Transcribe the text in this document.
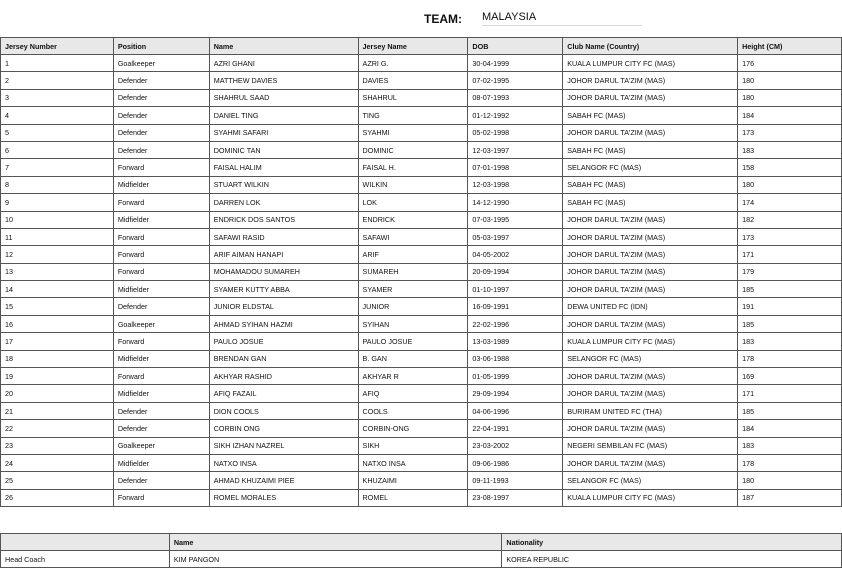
TEAM: MALAYSIA
Jersey Number	Position	Name	Jersey Name	DOB	Club Name (Country)	Height (CM)
1	Goalkeeper	AZRI GHANI	AZRI G.	30-04-1999	KUALA LUMPUR CITY FC (MAS)	176
2	Defender	MATTHEW DAVIES	DAVIES	07-02-1995	JOHOR DARUL TA'ZIM (MAS)	180
3	Defender	SHAHRUL SAAD	SHAHRUL	08-07-1993	JOHOR DARUL TA'ZIM (MAS)	180
4	Defender	DANIEL TING	TING	01-12-1992	SABAH FC (MAS)	184
5	Defender	SYAHMI SAFARI	SYAHMI	05-02-1998	JOHOR DARUL TA'ZIM (MAS)	173
6	Defender	DOMINIC TAN	DOMINIC	12-03-1997	SABAH FC (MAS)	183
7	Forward	FAISAL HALIM	FAISAL H.	07-01-1998	SELANGOR FC (MAS)	158
8	Midfielder	STUART WILKIN	WILKIN	12-03-1998	SABAH FC (MAS)	180
9	Forward	DARREN LOK	LOK	14-12-1990	SABAH FC (MAS)	174
10	Midfielder	ENDRICK DOS SANTOS	ENDRICK	07-03-1995	JOHOR DARUL TA'ZIM (MAS)	182
11	Forward	SAFAWI RASID	SAFAWI	05-03-1997	JOHOR DARUL TA'ZIM (MAS)	173
12	Forward	ARIF AIMAN HANAPI	ARIF	04-05-2002	JOHOR DARUL TA'ZIM (MAS)	171
13	Forward	MOHAMADOU SUMAREH	SUMAREH	20-09-1994	JOHOR DARUL TA'ZIM (MAS)	179
14	Midfielder	SYAMER KUTTY ABBA	SYAMER	01-10-1997	JOHOR DARUL TA'ZIM (MAS)	185
15	Defender	JUNIOR ELDSTAL	JUNIOR	16-09-1991	DEWA UNITED FC (IDN)	191
16	Goalkeeper	AHMAD SYIHAN HAZMI	SYIHAN	22-02-1996	JOHOR DARUL TA'ZIM (MAS)	185
17	Forward	PAULO JOSUE	PAULO JOSUE	13-03-1989	KUALA LUMPUR CITY FC (MAS)	183
18	Midfielder	BRENDAN GAN	B. GAN	03-06-1988	SELANGOR FC (MAS)	178
19	Forward	AKHYAR RASHID	AKHYAR R	01-05-1999	JOHOR DARUL TA'ZIM (MAS)	169
20	Midfielder	AFIQ FAZAIL	AFIQ	29-09-1994	JOHOR DARUL TA'ZIM (MAS)	171
21	Defender	DION COOLS	COOLS	04-06-1996	BURIRAM UNITED FC (THA)	185
22	Defender	CORBIN ONG	CORBIN-ONG	22-04-1991	JOHOR DARUL TA'ZIM (MAS)	184
23	Goalkeeper	SIKH IZHAN NAZREL	SIKH	23-03-2002	NEGERI SEMBILAN FC (MAS)	183
24	Midfielder	NATXO INSA	NATXO INSA	09-06-1986	JOHOR DARUL TA'ZIM (MAS)	178
25	Defender	AHMAD KHUZAIMI PIEE	KHUZAIMI	09-11-1993	SELANGOR FC (MAS)	180
26	Forward	ROMEL MORALES	ROMEL	23-08-1997	KUALA LUMPUR CITY FC (MAS)	187
	Name	Nationality
Head Coach	KIM PANGON	KOREA REPUBLIC
